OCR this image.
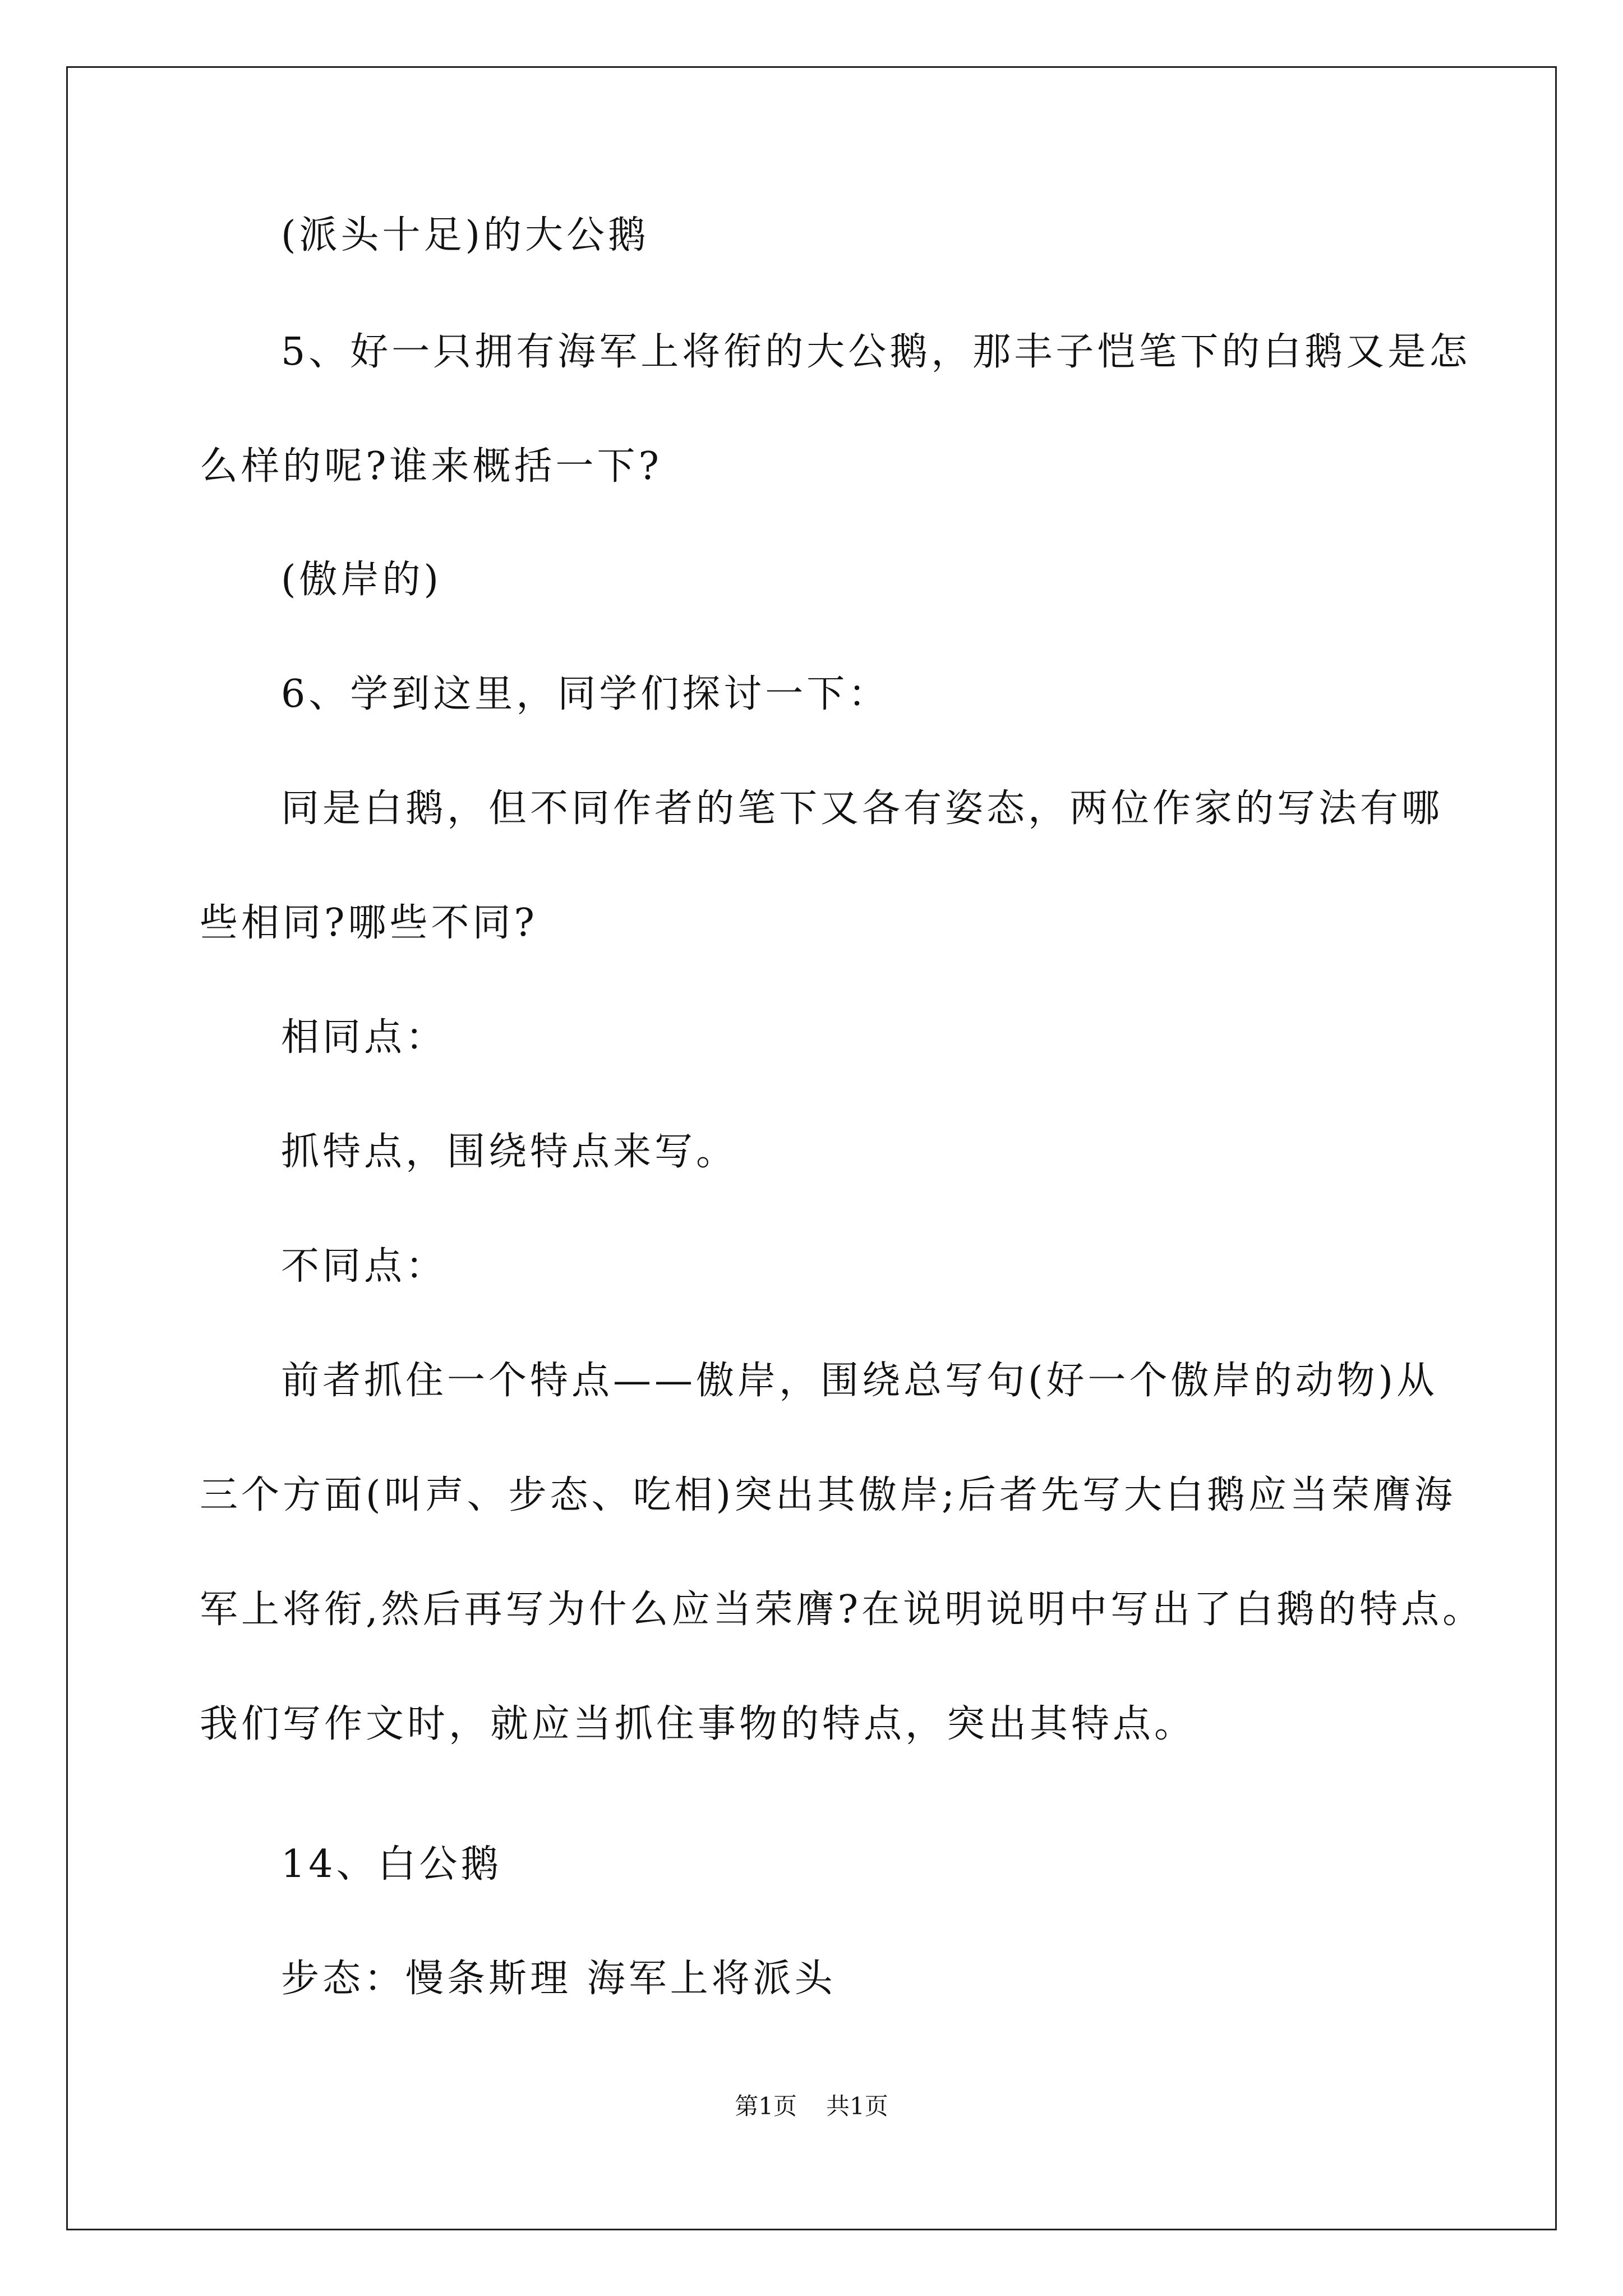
(派头十足)的大公鹅
5、好一只拥有海军上将衔的大公鹅，那丰子恺笔下的白鹅又是怎
么样的呢?谁来概括一下?
(傲岸的)
6、学到这里，同学们探讨一下：
同是白鹅，但不同作者的笔下又各有姿态，两位作家的写法有哪
些相同?哪些不同?
相同点：
抓特点，围绕特点来写。
不同点：
前者抓住一个特点——傲岸，围绕总写句(好一个傲岸的动物)从
三个方面(叫声、步态、吃相)突出其傲岸;后者先写大白鹅应当荣膺海
军上将衔,然后再写为什么应当荣膺?在说明说明中写出了白鹅的特点。
我们写作文时，就应当抓住事物的特点，突出其特点。
14、白公鹅
步态：慢条斯理 海军上将派头
第1页 共1页
